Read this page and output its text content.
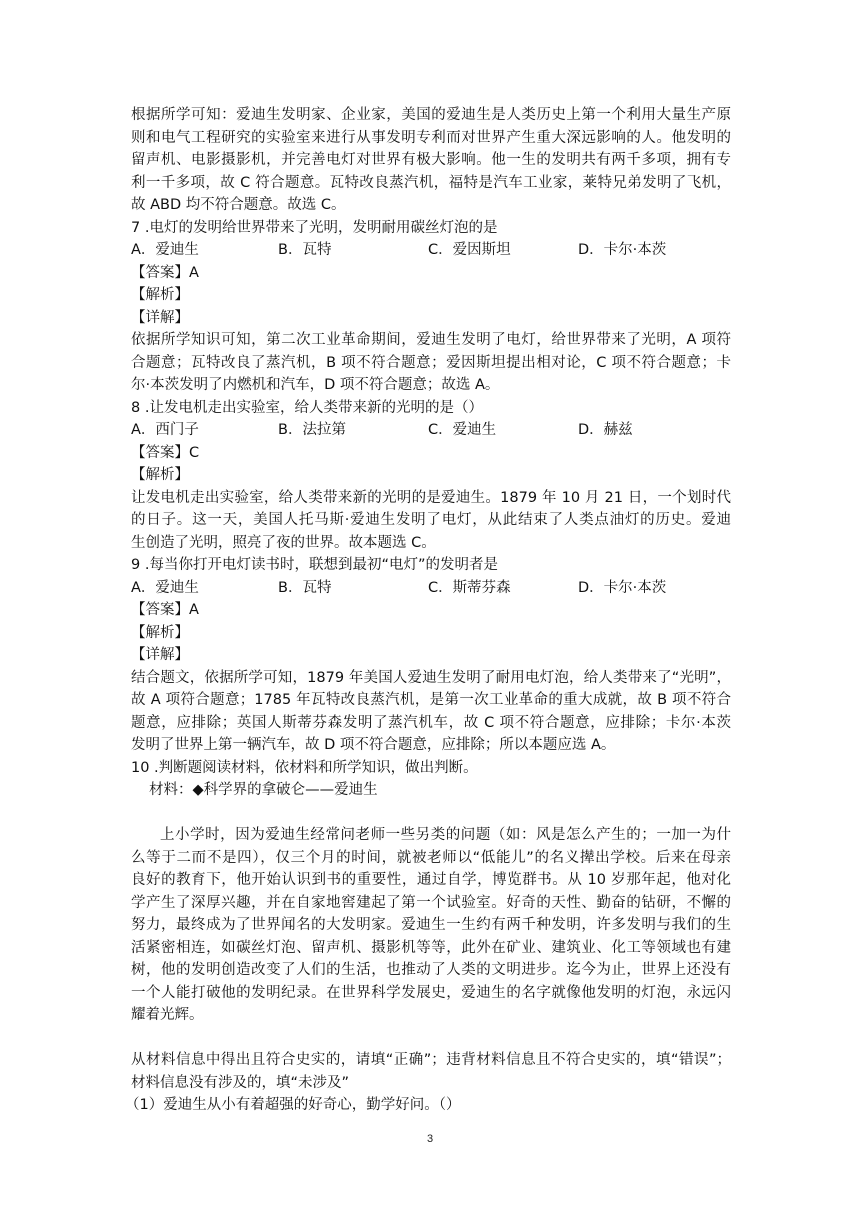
根据所学可知：爱迪生发明家、企业家，美国的爱迪生是人类历史上第一个利用大量生产原
则和电气工程研究的实验室来进行从事发明专利而对世界产生重大深远影响的人。他发明的
留声机、电影摄影机，并完善电灯对世界有极大影响。他一生的发明共有两千多项，拥有专
利一千多项，故 C 符合题意。瓦特改良蒸汽机，福特是汽车工业家，莱特兄弟发明了飞机，
故 ABD 均不符合题意。故选 C。
7 .电灯的发明给世界带来了光明，发明耐用碳丝灯泡的是
A．爱迪生	B．瓦特	C．爱因斯坦	D．卡尔·本茨
【答案】A
【解析】
【详解】
依据所学知识可知，第二次工业革命期间，爱迪生发明了电灯，给世界带来了光明，A 项符
合题意；瓦特改良了蒸汽机，B 项不符合题意；爱因斯坦提出相对论，C 项不符合题意；卡
尔·本茨发明了内燃机和汽车，D 项不符合题意；故选 A。
8 .让发电机走出实验室，给人类带来新的光明的是（）
A．西门子	B．法拉第	C．爱迪生	D．赫兹
【答案】C
【解析】
让发电机走出实验室，给人类带来新的光明的是爱迪生。1879 年 10 月 21 日，一个划时代
的日子。这一天，美国人托马斯·爱迪生发明了电灯，从此结束了人类点油灯的历史。爱迪
生创造了光明，照亮了夜的世界。故本题选 C。
9 .每当你打开电灯读书时，联想到最初“电灯”的发明者是
A．爱迪生	B．瓦特	C．斯蒂芬森	D．卡尔·本茨
【答案】A
【解析】
【详解】
结合题文，依据所学可知，1879 年美国人爱迪生发明了耐用电灯泡，给人类带来了“光明”，
故 A 项符合题意；1785 年瓦特改良蒸汽机，是第一次工业革命的重大成就，故 B 项不符合
题意，应排除；英国人斯蒂芬森发明了蒸汽机车，故 C 项不符合题意，应排除；卡尔·本茨
发明了世界上第一辆汽车，故 D 项不符合题意，应排除；所以本题应选 A。
10 .判断题阅读材料，依材料和所学知识，做出判断。
材料：◆科学界的拿破仑——爱迪生
上小学时，因为爱迪生经常问老师一些另类的问题（如：风是怎么产生的；一加一为什
么等于二而不是四），仅三个月的时间，就被老师以“低能儿”的名义撵出学校。后来在母亲
良好的教育下，他开始认识到书的重要性，通过自学，博览群书。从 10 岁那年起，他对化
学产生了深厚兴趣，并在自家地窖建起了第一个试验室。好奇的天性、勤奋的钻研，不懈的
努力，最终成为了世界闻名的大发明家。爱迪生一生约有两千种发明，许多发明与我们的生
活紧密相连，如碳丝灯泡、留声机、摄影机等等，此外在矿业、建筑业、化工等领域也有建
树，他的发明创造改变了人们的生活，也推动了人类的文明进步。迄今为止，世界上还没有
一个人能打破他的发明纪录。在世界科学发展史，爱迪生的名字就像他发明的灯泡，永远闪
耀着光辉。
从材料信息中得出且符合史实的，请填“正确”；违背材料信息且不符合史实的，填“错误”；
材料信息没有涉及的，填“未涉及”
（1）爱迪生从小有着超强的好奇心，勤学好问。（）
3
